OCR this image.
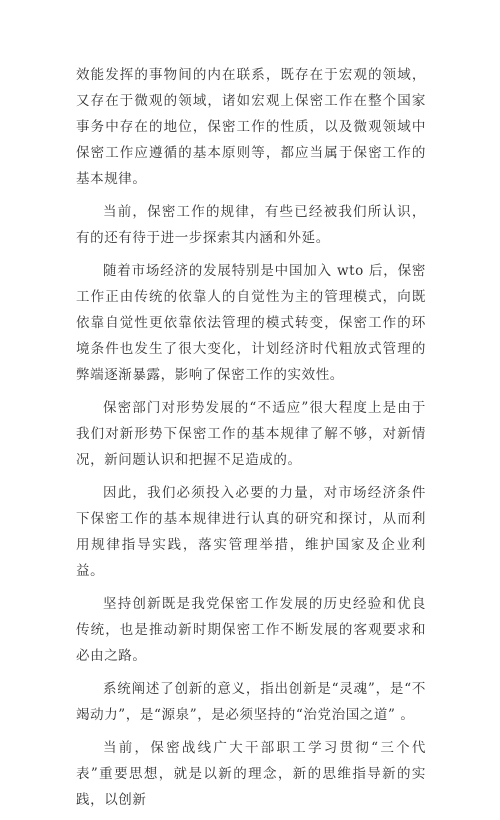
效能发挥的事物间的内在联系，既存在于宏观的领域，又存在于微观的领域，诸如宏观上保密工作在整个国家事务中存在的地位，保密工作的性质，以及微观领域中保密工作应遵循的基本原则等，都应当属于保密工作的基本规律。

当前，保密工作的规律，有些已经被我们所认识，有的还有待于进一步探索其内涵和外延。

随着市场经济的发展特别是中国加入 wto 后，保密工作正由传统的依靠人的自觉性为主的管理模式，向既依靠自觉性更依靠依法管理的模式转变，保密工作的环境条件也发生了很大变化，计划经济时代粗放式管理的弊端逐渐暴露，影响了保密工作的实效性。

保密部门对形势发展的“不适应”很大程度上是由于我们对新形势下保密工作的基本规律了解不够，对新情况，新问题认识和把握不足造成的。

因此，我们必须投入必要的力量，对市场经济条件下保密工作的基本规律进行认真的研究和探讨，从而利用规律指导实践，落实管理举措，维护国家及企业利益。

坚持创新既是我党保密工作发展的历史经验和优良传统，也是推动新时期保密工作不断发展的客观要求和必由之路。

系统阐述了创新的意义，指出创新是“灵魂”，是“不竭动力”，是“源泉”，是必须坚持的“治党治国之道” 。

当前，保密战线广大干部职工学习贯彻“三个代表”重要思想，就是以新的理念，新的思维指导新的实践，以创新
